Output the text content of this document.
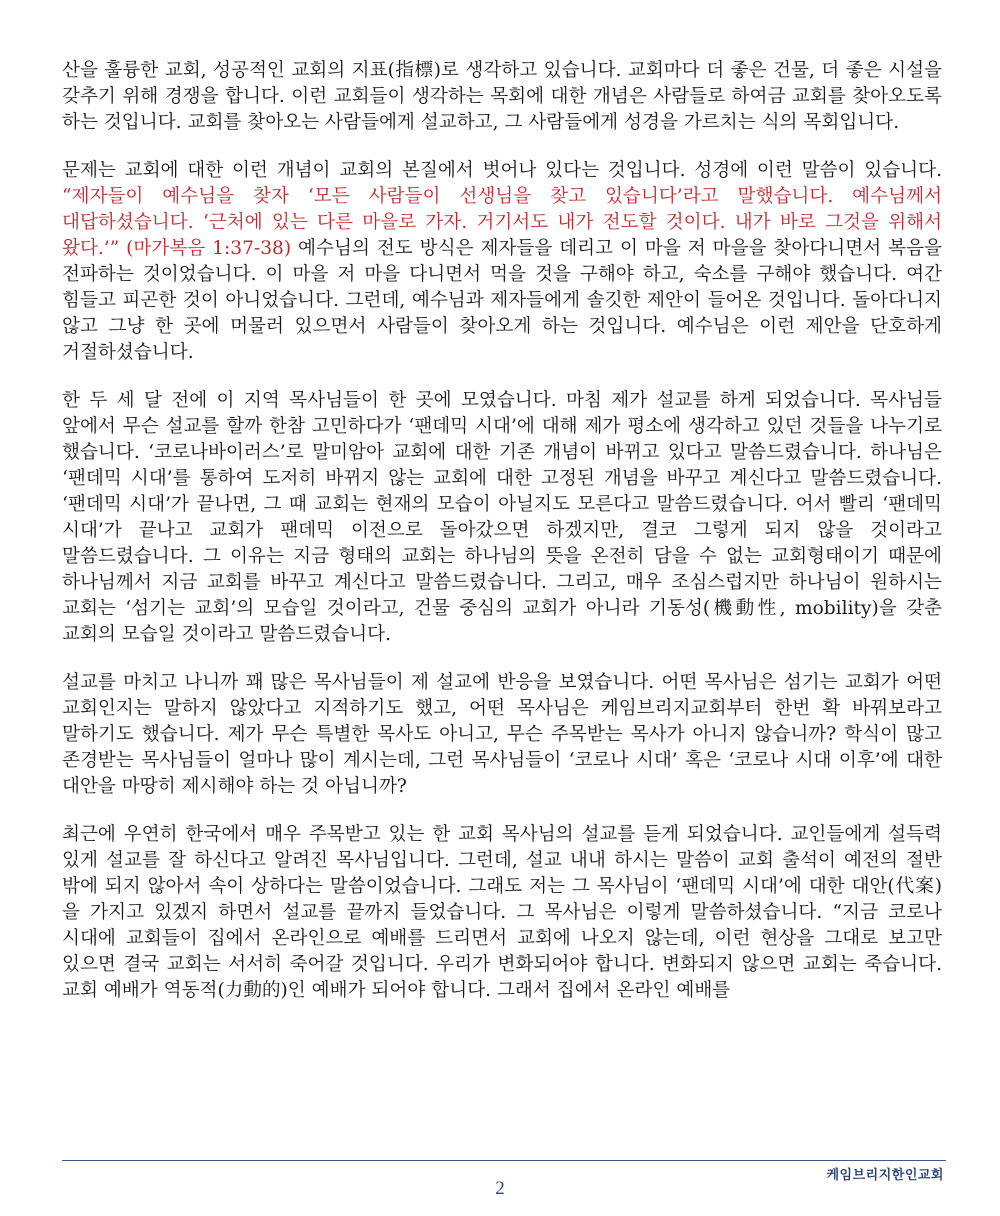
산을 훌륭한 교회, 성공적인 교회의 지표(指標)로 생각하고 있습니다. 교회마다 더 좋은 건물, 더 좋은 시설을 갖추기 위해 경쟁을 합니다. 이런 교회들이 생각하는 목회에 대한 개념은 사람들로 하여금 교회를 찾아오도록 하는 것입니다. 교회를 찾아오는 사람들에게 설교하고, 그 사람들에게 성경을 가르치는 식의 목회입니다.

문제는 교회에 대한 이런 개념이 교회의 본질에서 벗어나 있다는 것입니다. 성경에 이런 말씀이 있습니다. “제자들이 예수님을 찾자 ‘모든 사람들이 선생님을 찾고 있습니다’라고 말했습니다. 예수님께서 대답하셨습니다. ‘근처에 있는 다른 마을로 가자. 거기서도 내가 전도할 것이다. 내가 바로 그것을 위해서 왔다.’” (마가복음 1:37-38) 예수님의 전도 방식은 제자들을 데리고 이 마을 저 마을을 찾아다니면서 복음을 전파하는 것이었습니다. 이 마을 저 마을 다니면서 먹을 것을 구해야 하고, 숙소를 구해야 했습니다. 여간 힘들고 피곤한 것이 아니었습니다. 그런데, 예수님과 제자들에게 솔깃한 제안이 들어온 것입니다. 돌아다니지 않고 그냥 한 곳에 머물러 있으면서 사람들이 찾아오게 하는 것입니다. 예수님은 이런 제안을 단호하게 거절하셨습니다.

한 두 세 달 전에 이 지역 목사님들이 한 곳에 모였습니다. 마침 제가 설교를 하게 되었습니다. 목사님들 앞에서 무슨 설교를 할까 한참 고민하다가 ‘팬데믹 시대’에 대해 제가 평소에 생각하고 있던 것들을 나누기로 했습니다. ‘코로나바이러스’로 말미암아 교회에 대한 기존 개념이 바뀌고 있다고 말씀드렸습니다. 하나님은 ‘팬데믹 시대’를 통하여 도저히 바뀌지 않는 교회에 대한 고정된 개념을 바꾸고 계신다고 말씀드렸습니다. ‘팬데믹 시대’가 끝나면, 그 때 교회는 현재의 모습이 아닐지도 모른다고 말씀드렸습니다. 어서 빨리 ‘팬데믹 시대’가 끝나고 교회가 팬데믹 이전으로 돌아갔으면 하겠지만, 결코 그렇게 되지 않을 것이라고 말씀드렸습니다. 그 이유는 지금 형태의 교회는 하나님의 뜻을 온전히 담을 수 없는 교회형태이기 때문에 하나님께서 지금 교회를 바꾸고 계신다고 말씀드렸습니다. 그리고, 매우 조심스럽지만 하나님이 원하시는 교회는 ‘섬기는 교회’의 모습일 것이라고, 건물 중심의 교회가 아니라 기동성(機動性, mobility)을 갖춘 교회의 모습일 것이라고 말씀드렸습니다.

설교를 마치고 나니까 꽤 많은 목사님들이 제 설교에 반응을 보였습니다. 어떤 목사님은 섬기는 교회가 어떤 교회인지는 말하지 않았다고 지적하기도 했고, 어떤 목사님은 케임브리지교회부터 한번 확 바꿔보라고 말하기도 했습니다. 제가 무슨 특별한 목사도 아니고, 무슨 주목받는 목사가 아니지 않습니까? 학식이 많고 존경받는 목사님들이 얼마나 많이 계시는데, 그런 목사님들이 ‘코로나 시대’ 혹은 ‘코로나 시대 이후’에 대한 대안을 마땅히 제시해야 하는 것 아닙니까?

최근에 우연히 한국에서 매우 주목받고 있는 한 교회 목사님의 설교를 듣게 되었습니다. 교인들에게 설득력 있게 설교를 잘 하신다고 알려진 목사님입니다. 그런데, 설교 내내 하시는 말씀이 교회 출석이 예전의 절반 밖에 되지 않아서 속이 상하다는 말씀이었습니다. 그래도 저는 그 목사님이 ‘팬데믹 시대’에 대한 대안(代案)을 가지고 있겠지 하면서 설교를 끝까지 들었습니다. 그 목사님은 이렇게 말씀하셨습니다. “지금 코로나 시대에 교회들이 집에서 온라인으로 예배를 드리면서 교회에 나오지 않는데, 이런 현상을 그대로 보고만 있으면 결국 교회는 서서히 죽어갈 것입니다. 우리가 변화되어야 합니다. 변화되지 않으면 교회는 죽습니다. 교회 예배가 역동적(力動的)인 예배가 되어야 합니다. 그래서 집에서 온라인 예배를

케임브리지한인교회
2
